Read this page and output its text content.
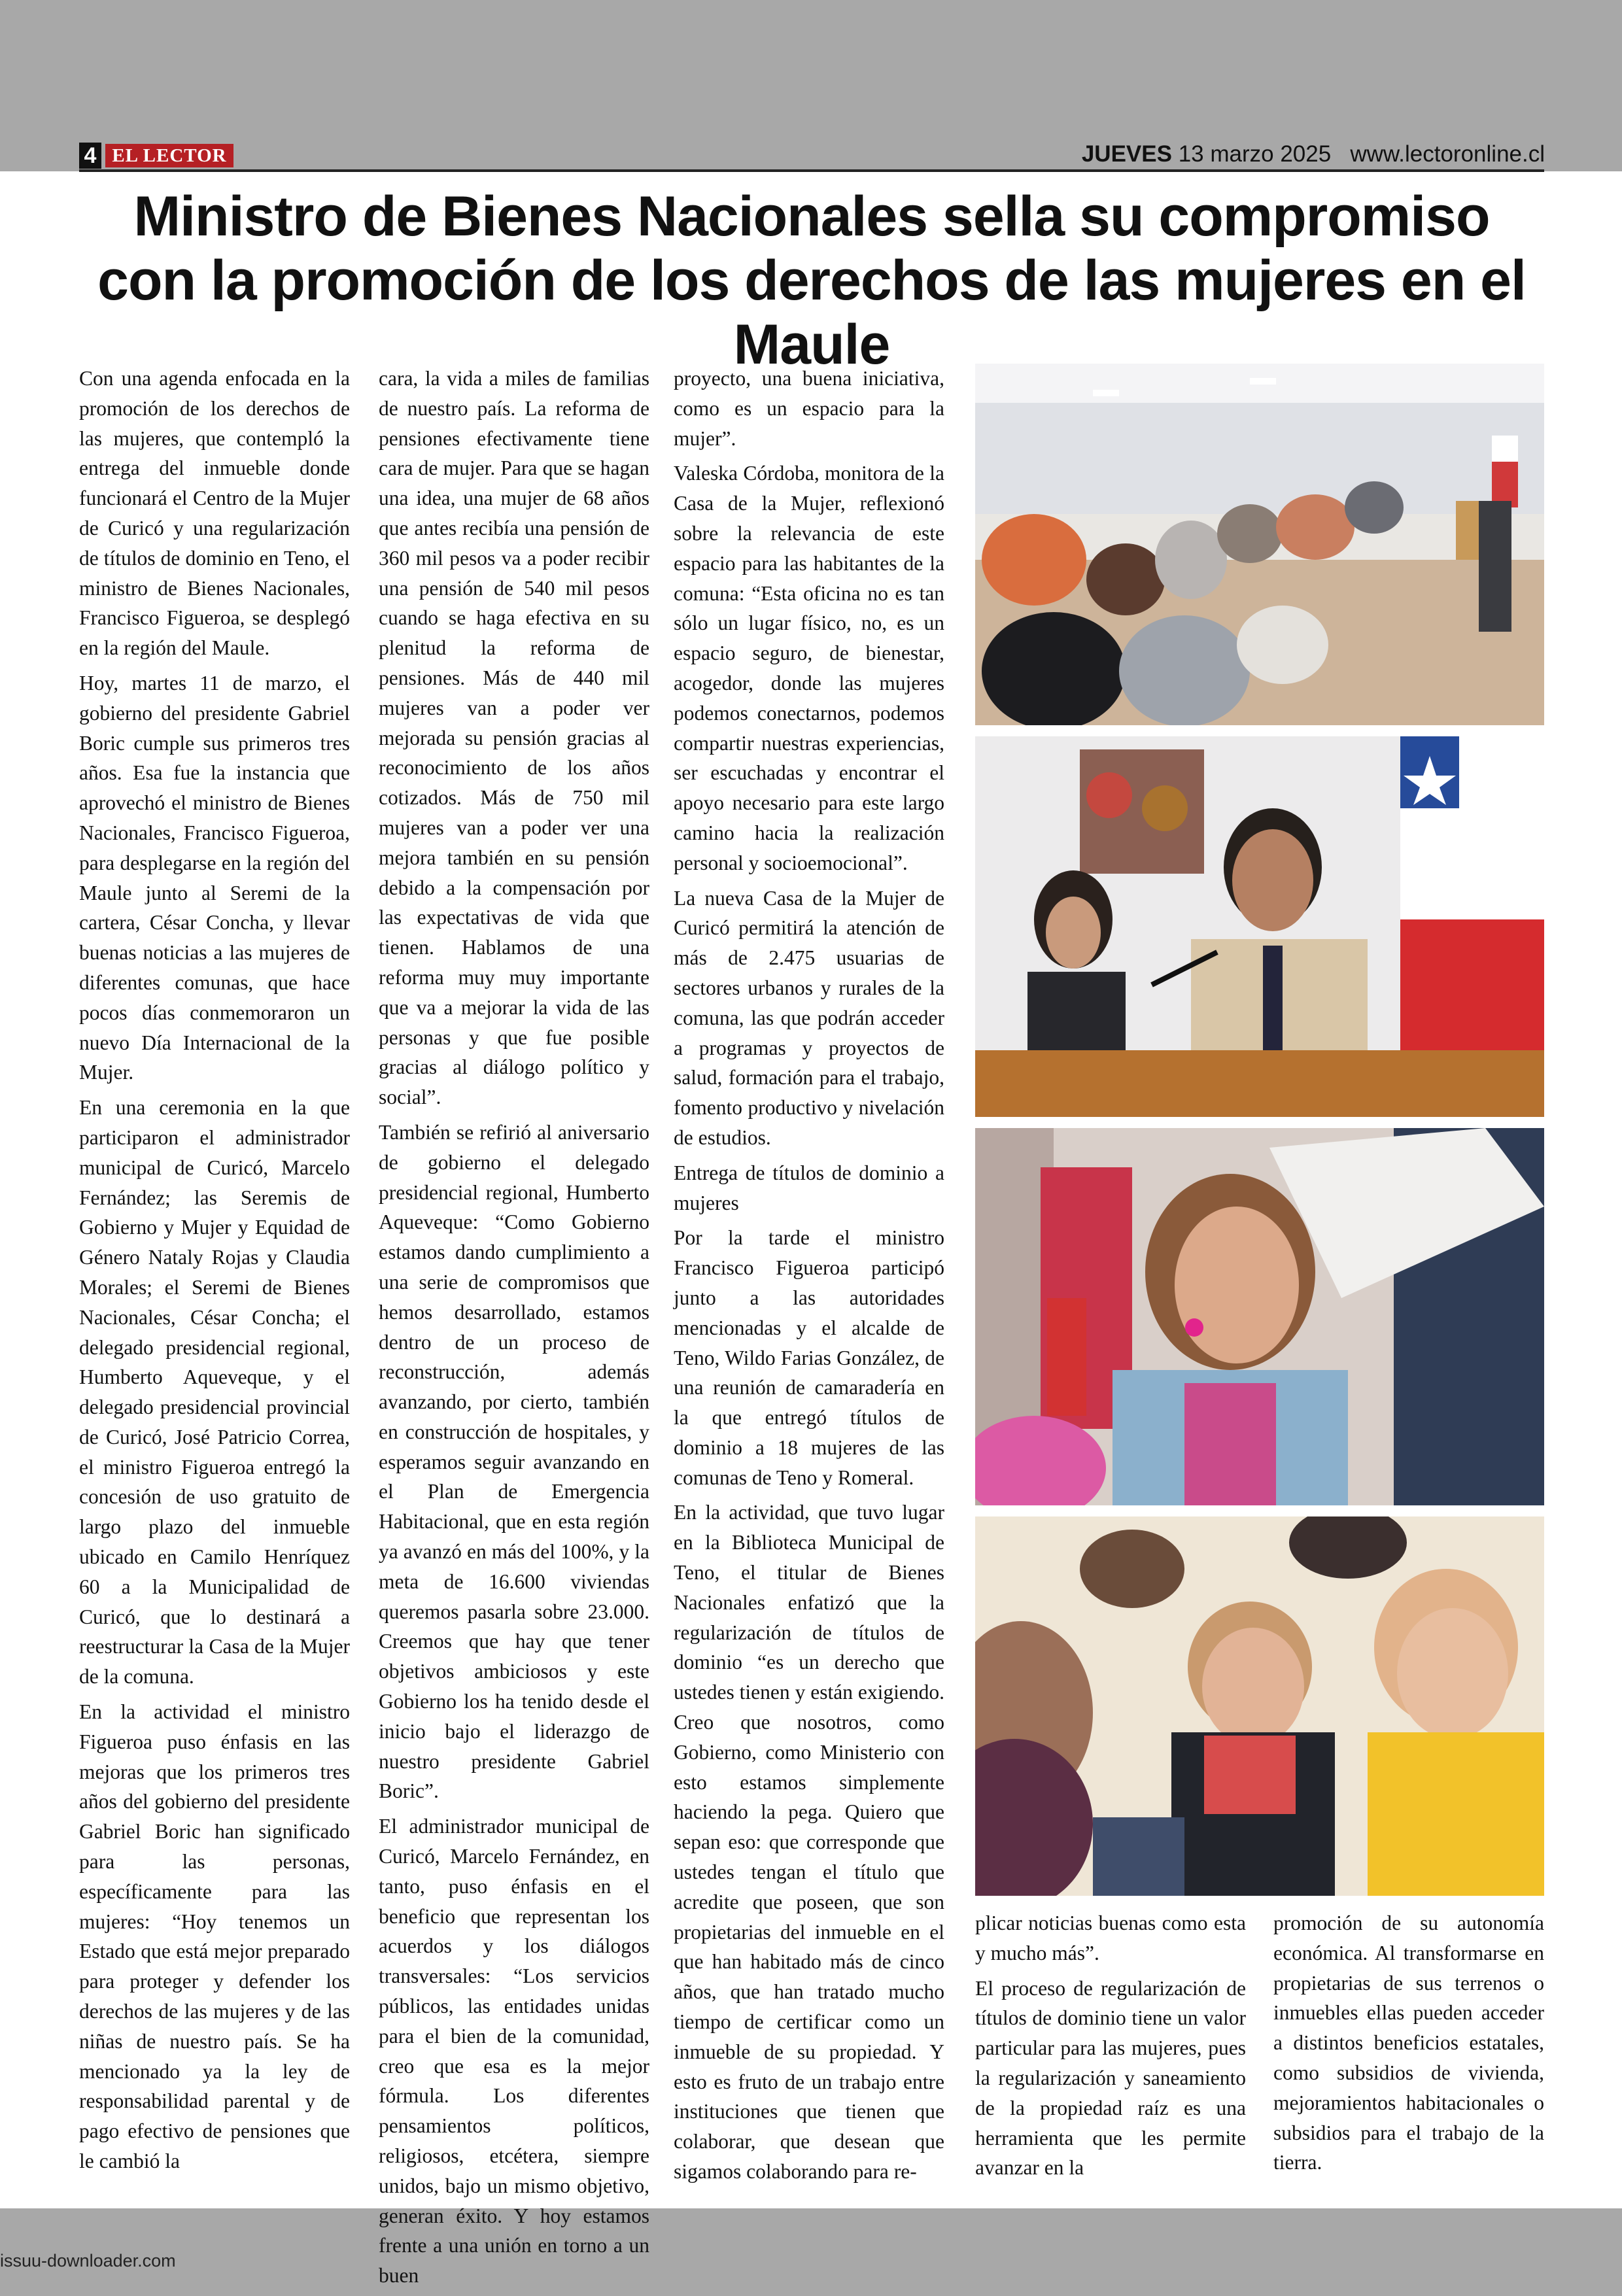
4 EL LECTOR	JUEVES 13 marzo 2025 www.lectoronline.cl
Ministro de Bienes Nacionales sella su compromiso con la promoción de los derechos de las mujeres en el Maule

Con una agenda enfocada en la promoción de los derechos de las mujeres, que contempló la entrega del inmueble donde funcionará el Centro de la Mujer de Curicó y una regularización de títulos de dominio en Teno, el ministro de Bienes Nacionales, Francisco Figueroa, se desplegó en la región del Maule.

Hoy, martes 11 de marzo, el gobierno del presidente Gabriel Boric cumple sus primeros tres años. Esa fue la instancia que aprovechó el ministro de Bienes Nacionales, Francisco Figueroa, para desplegarse en la región del Maule junto al Seremi de la cartera, César Concha, y llevar buenas noticias a las mujeres de diferentes comunas, que hace pocos días conmemoraron un nuevo Día Internacional de la Mujer.

En una ceremonia en la que participaron el administrador municipal de Curicó, Marcelo Fernández; las Seremis de Gobierno y Mujer y Equidad de Género Nataly Rojas y Claudia Morales; el Seremi de Bienes Nacionales, César Concha; el delegado presidencial regional, Humberto Aqueveque, y el delegado presidencial provincial de Curicó, José Patricio Correa, el ministro Figueroa entregó la concesión de uso gratuito de largo plazo del inmueble ubicado en Camilo Henríquez 60 a la Municipalidad de Curicó, que lo destinará a reestructurar la Casa de la Mujer de la comuna.

En la actividad el ministro Figueroa puso énfasis en las mejoras que los primeros tres años del gobierno del presidente Gabriel Boric han significado para las personas, específicamente para las mujeres: “Hoy tenemos un Estado que está mejor preparado para proteger y defender los derechos de las mujeres y de las niñas de nuestro país. Se ha mencionado ya la ley de responsabilidad parental y de pago efectivo de pensiones que le cambió la

cara, la vida a miles de familias de nuestro país. La reforma de pensiones efectivamente tiene cara de mujer. Para que se hagan una idea, una mujer de 68 años que antes recibía una pensión de 360 mil pesos va a poder recibir una pensión de 540 mil pesos cuando se haga efectiva en su plenitud la reforma de pensiones. Más de 440 mil mujeres van a poder ver mejorada su pensión gracias al reconocimiento de los años cotizados. Más de 750 mil mujeres van a poder ver una mejora también en su pensión debido a la compensación por las expectativas de vida que tienen. Hablamos de una reforma muy muy importante que va a mejorar la vida de las personas y que fue posible gracias al diálogo político y social”.

También se refirió al aniversario de gobierno el delegado presidencial regional, Humberto Aqueveque: “Como Gobierno estamos dando cumplimiento a una serie de compromisos que hemos desarrollado, estamos dentro de un proceso de reconstrucción, además avanzando, por cierto, también en construcción de hospitales, y esperamos seguir avanzando en el Plan de Emergencia Habitacional, que en esta región ya avanzó en más del 100%, y la meta de 16.600 viviendas queremos pasarla sobre 23.000. Creemos que hay que tener objetivos ambiciosos y este Gobierno los ha tenido desde el inicio bajo el liderazgo de nuestro presidente Gabriel Boric”.

El administrador municipal de Curicó, Marcelo Fernández, en tanto, puso énfasis en el beneficio que representan los acuerdos y los diálogos transversales: “Los servicios públicos, las entidades unidas para el bien de la comunidad, creo que esa es la mejor fórmula. Los diferentes pensamientos políticos, religiosos, etcétera, siempre unidos, bajo un mismo objetivo, generan éxito. Y hoy estamos frente a una unión en torno a un buen

proyecto, una buena iniciativa, como es un espacio para la mujer”.

Valeska Córdoba, monitora de la Casa de la Mujer, reflexionó sobre la relevancia de este espacio para las habitantes de la comuna: “Esta oficina no es tan sólo un lugar físico, no, es un espacio seguro, de bienestar, acogedor, donde las mujeres podemos conectarnos, podemos compartir nuestras experiencias, ser escuchadas y encontrar el apoyo necesario para este largo camino hacia la realización personal y socioemocional”.

La nueva Casa de la Mujer de Curicó permitirá la atención de más de 2.475 usuarias de sectores urbanos y rurales de la comuna, las que podrán acceder a programas y proyectos de salud, formación para el trabajo, fomento productivo y nivelación de estudios.

Entrega de títulos de dominio a mujeres

Por la tarde el ministro Francisco Figueroa participó junto a las autoridades mencionadas y el alcalde de Teno, Wildo Farias González, de una reunión de camaradería en la que entregó títulos de dominio a 18 mujeres de las comunas de Teno y Romeral.

En la actividad, que tuvo lugar en la Biblioteca Municipal de Teno, el titular de Bienes Nacionales enfatizó que la regularización de títulos de dominio “es un derecho que ustedes tienen y están exigiendo. Creo que nosotros, como Gobierno, como Ministerio con esto estamos simplemente haciendo la pega. Quiero que sepan eso: que corresponde que ustedes tengan el título que acredite que poseen, que son propietarias del inmueble en el que han habitado más de cinco años, que han tratado mucho tiempo de certificar como un inmueble de su propiedad. Y esto es fruto de un trabajo entre instituciones que tienen que colaborar, que desean que sigamos colaborando para re-

plicar noticias buenas como esta y mucho más”.

El proceso de regularización de títulos de dominio tiene un valor particular para las mujeres, pues la regularización y saneamiento de la propiedad raíz es una herramienta que les permite avanzar en la

promoción de su autonomía económica. Al transformarse en propietarias de sus terrenos o inmuebles ellas pueden acceder a distintos beneficios estatales, como subsidios de vivienda, mejoramientos habitacionales o subsidios para el trabajo de la tierra.

issuu-downloader.com
